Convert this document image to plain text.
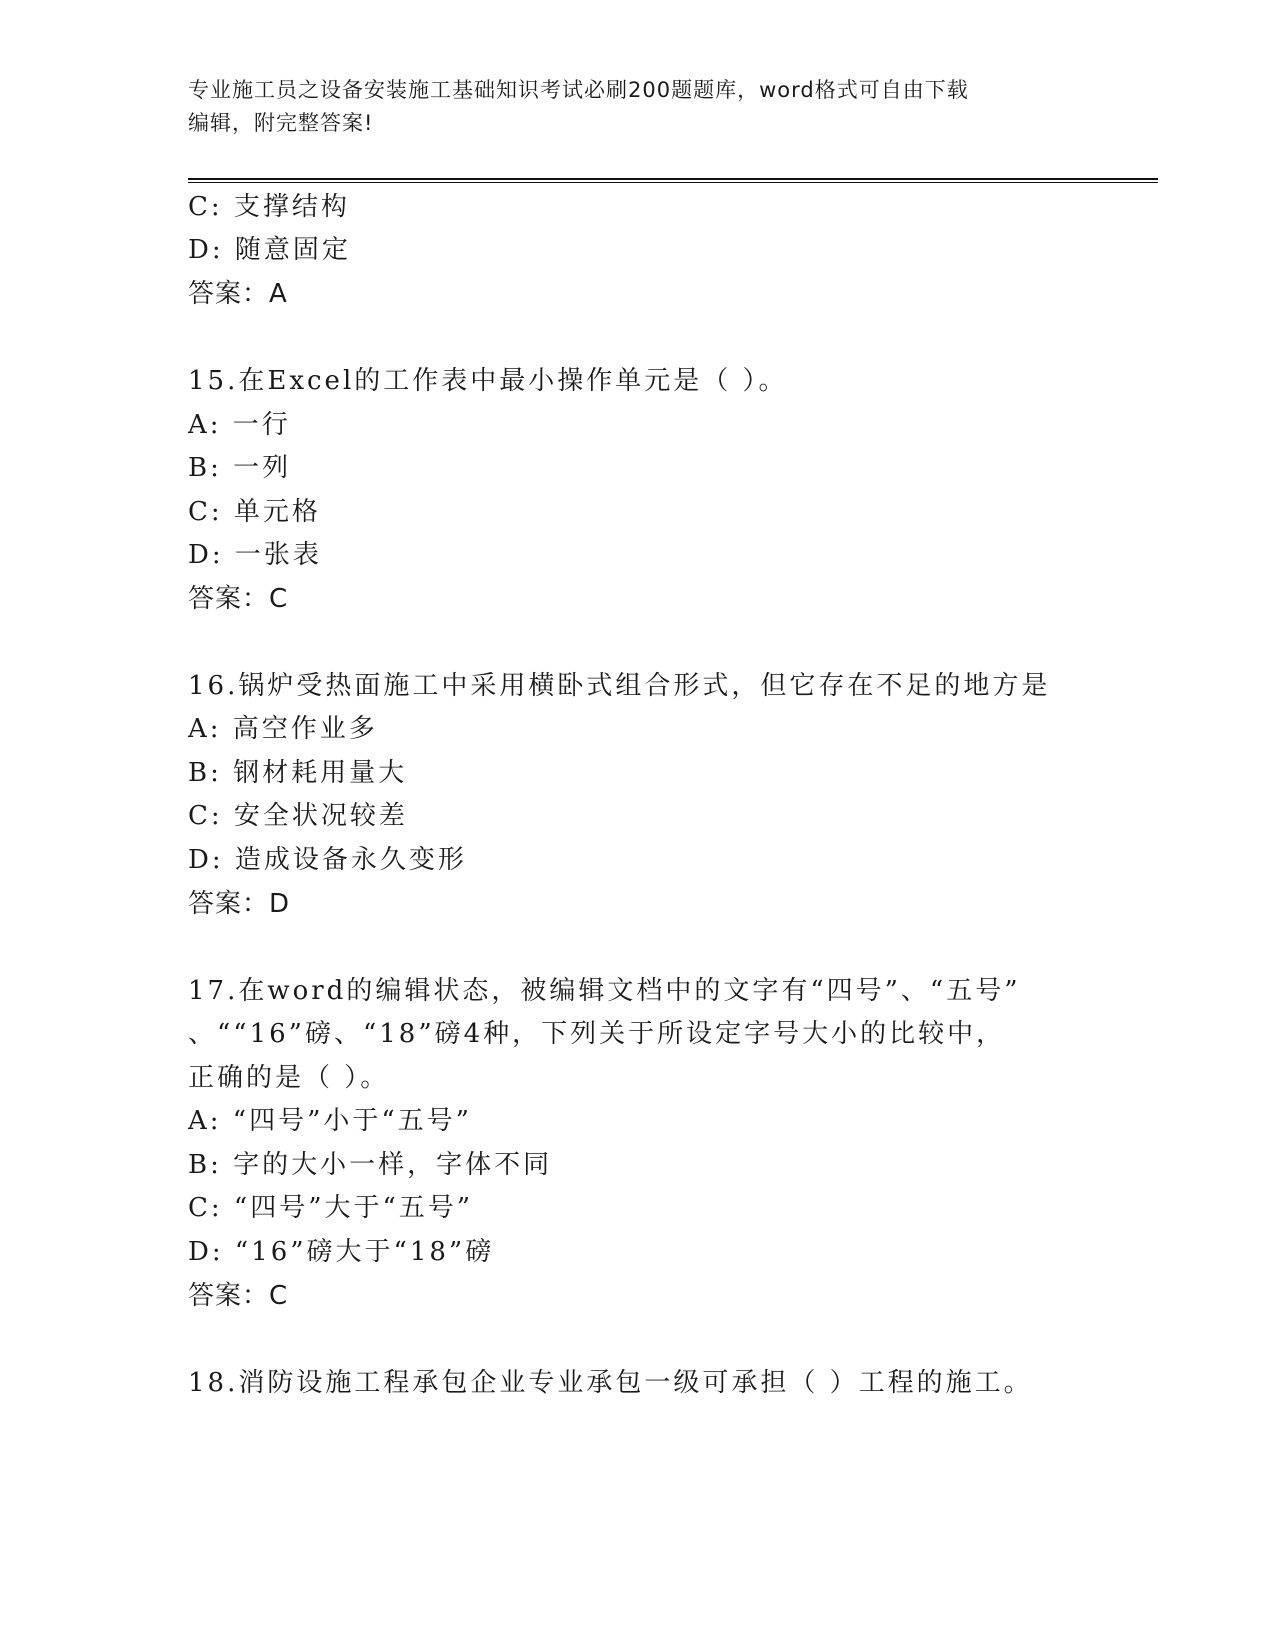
专业施工员之设备安装施工基础知识考试必刷200题题库，word格式可自由下载
编辑，附完整答案!
C: 支撑结构
D: 随意固定
答案：A
15.在Excel的工作表中最小操作单元是（ ）。
A: 一行
B: 一列
C: 单元格
D: 一张表
答案：C
16.锅炉受热面施工中采用横卧式组合形式，但它存在不足的地方是
A: 高空作业多
B: 钢材耗用量大
C: 安全状况较差
D: 造成设备永久变形
答案：D
17.在word的编辑状态，被编辑文档中的文字有“四号”、“五号”
、““16”磅、“18”磅4种，下列关于所设定字号大小的比较中，
正确的是（ ）。
A: “四号”小于“五号”
B: 字的大小一样，字体不同
C: “四号”大于“五号”
D: “16”磅大于“18”磅
答案：C
18.消防设施工程承包企业专业承包一级可承担（ ）工程的施工。
